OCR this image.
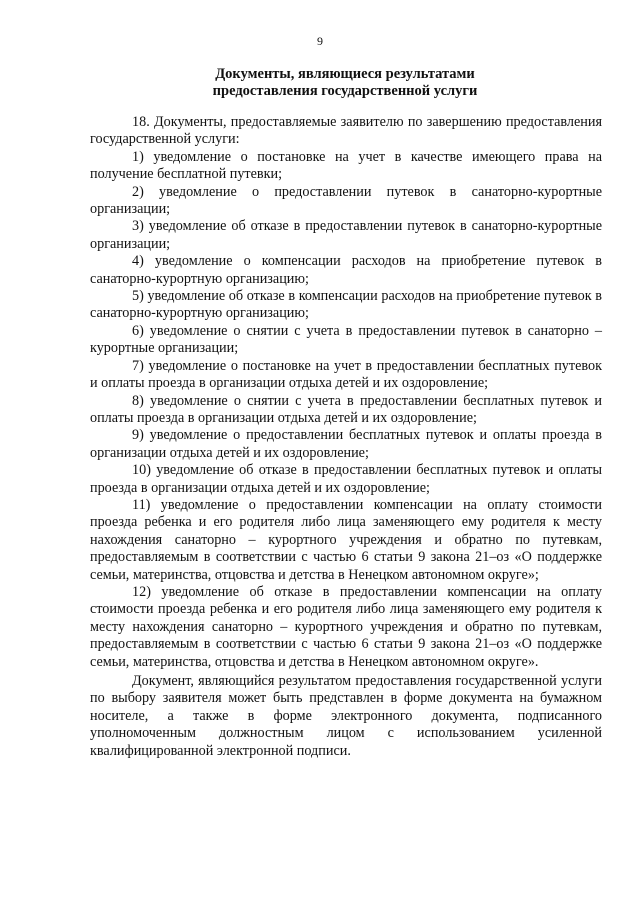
9
Документы, являющиеся результатами
предоставления государственной услуги

18. Документы, предоставляемые заявителю по завершению предоставления государственной услуги:

1) уведомление о постановке на учет в качестве имеющего права на получение бесплатной путевки;

2) уведомление о предоставлении путевок в санаторно-курортные организации;

3) уведомление об отказе в предоставлении путевок в санаторно-курортные организации;

4) уведомление о компенсации расходов на приобретение путевок в санаторно-курортную организацию;

5) уведомление об отказе в компенсации расходов на приобретение путевок в санаторно-курортную организацию;

6) уведомление о снятии с учета в предоставлении путевок в санаторно – курортные организации;

7) уведомление о постановке на учет в предоставлении бесплатных путевок и оплаты проезда в организации отдыха детей и их оздоровление;

8) уведомление о снятии с учета в предоставлении бесплатных путевок и оплаты проезда в организации отдыха детей и их оздоровление;

9) уведомление о предоставлении бесплатных путевок и оплаты проезда в организации отдыха детей и их оздоровление;

10) уведомление об отказе в предоставлении бесплатных путевок и оплаты проезда в организации отдыха детей и их оздоровление;

11) уведомление о предоставлении компенсации на оплату стоимости проезда ребенка и его родителя либо лица заменяющего ему родителя к месту нахождения санаторно – курортного учреждения и обратно по путевкам, предоставляемым в соответствии с частью 6 статьи 9 закона 21–оз «О поддержке семьи, материнства, отцовства и детства в Ненецком автономном округе»;

12) уведомление об отказе в предоставлении компенсации на оплату стоимости проезда ребенка и его родителя либо лица заменяющего ему родителя к месту нахождения санаторно – курортного учреждения и обратно по путевкам, предоставляемым в соответствии с частью 6 статьи 9 закона 21–оз «О поддержке семьи, материнства, отцовства и детства в Ненецком автономном округе».

Документ, являющийся результатом предоставления государственной услуги по выбору заявителя может быть представлен в форме документа на бумажном носителе, а также в форме электронного документа, подписанного уполномоченным должностным лицом с использованием усиленной квалифицированной электронной подписи.
